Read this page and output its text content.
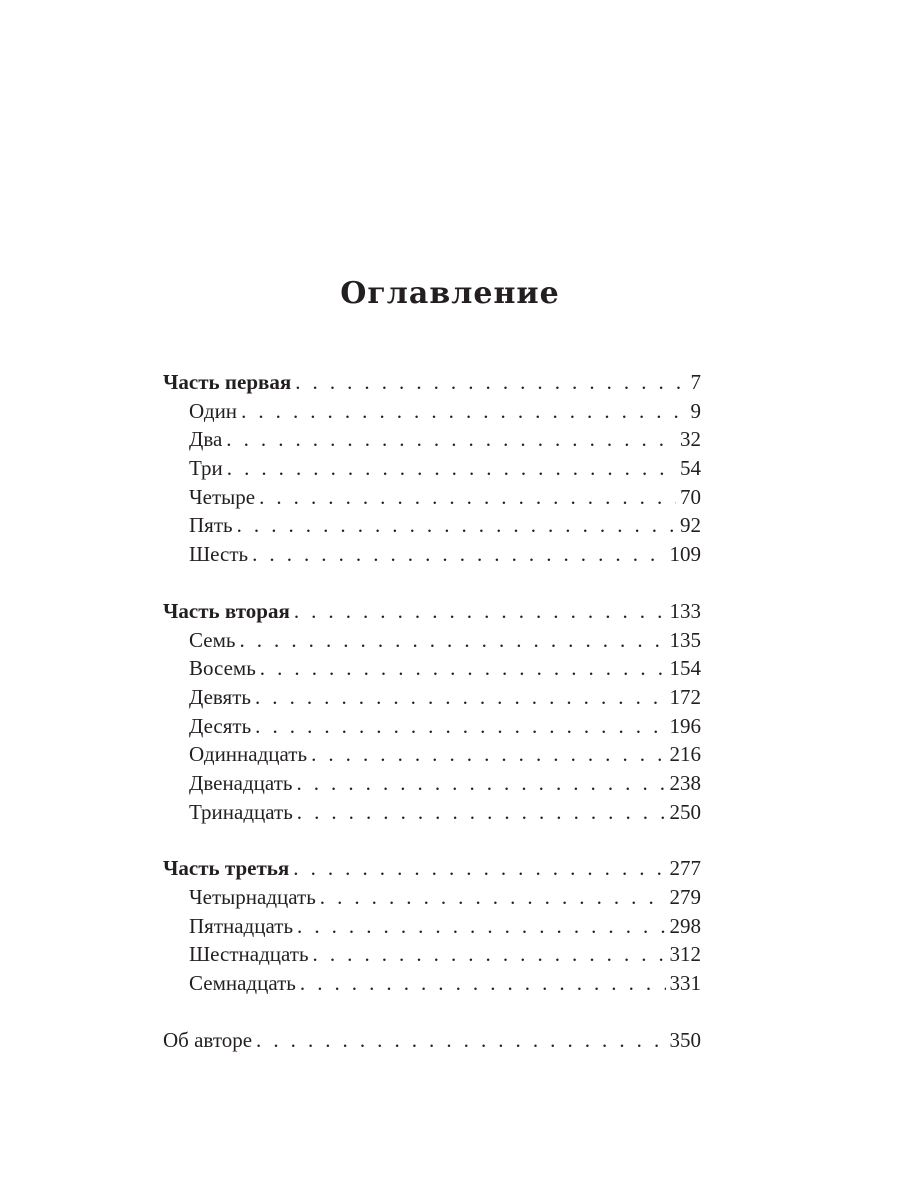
Оглавление
Часть первая . . .	7
Один . . .	9
Два . . .	32
Три . . .	54
Четыре . . .	70
Пять . . .	92
Шесть . . .	109
Часть вторая . . .	133
Семь . . .	135
Восемь . . .	154
Девять . . .	172
Десять . . .	196
Одиннадцать . . .	216
Двенадцать . . .	238
Тринадцать . . .	250
Часть третья . . .	277
Четырнадцать . . .	279
Пятнадцать . . .	298
Шестнадцать . . .	312
Семнадцать . . .	331
Об авторе . . .	350
